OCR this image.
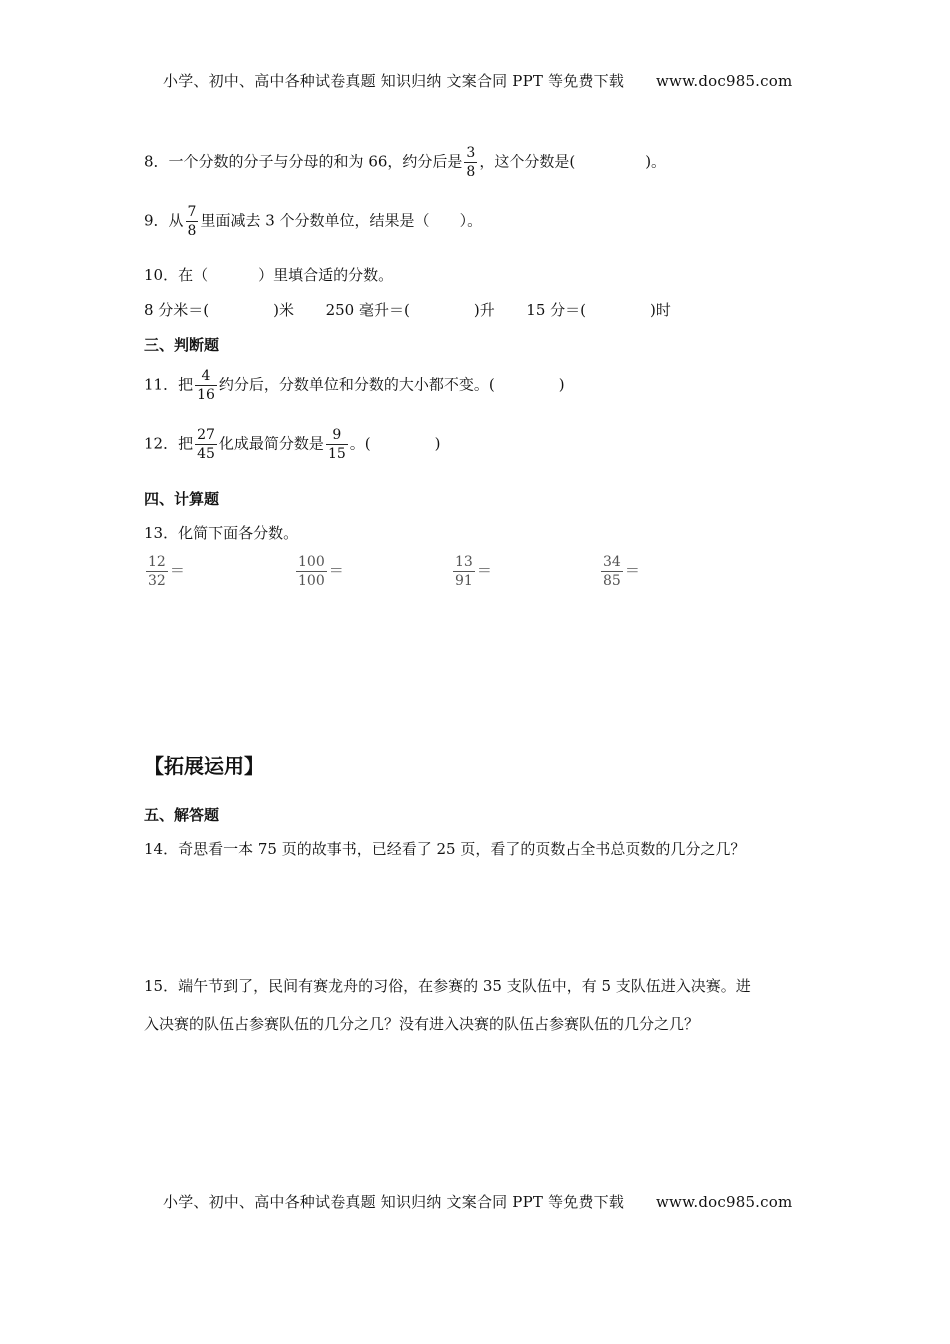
小学、初中、高中各种试卷真题 知识归纳 文案合同 PPT 等免费下载 www.doc985.com
8．一个分数的分子与分母的和为 66，约分后是 $\frac{3}{8}$ ，这个分数是(	)。
9．从 $\frac{7}{8}$ 里面减去 3 个分数单位，结果是（ ）。
10．在（	）里填合适的分数。
8 分米＝(	)米 250 毫升＝(	)升 15 分＝(	)时
三、判断题
11．把 $\frac{4}{16}$ 约分后，分数单位和分数的大小都不变。(	)
12．把 $\frac{27}{45}$ 化成最简分数是 $\frac{9}{15}$ 。(	)
四、计算题
13．化简下面各分数。
$\frac{12}{32}$ ＝	$\frac{100}{100}$ ＝	$\frac{13}{91}$ ＝	$\frac{34}{85}$ ＝
【拓展运用】
五、解答题
14．奇思看一本 75 页的故事书，已经看了 25 页，看了的页数占全书总页数的几分之几？
15．端午节到了，民间有赛龙舟的习俗，在参赛的 35 支队伍中，有 5 支队伍进入决赛。进
入决赛的队伍占参赛队伍的几分之几？没有进入决赛的队伍占参赛队伍的几分之几？
小学、初中、高中各种试卷真题 知识归纳 文案合同 PPT 等免费下载 www.doc985.com
